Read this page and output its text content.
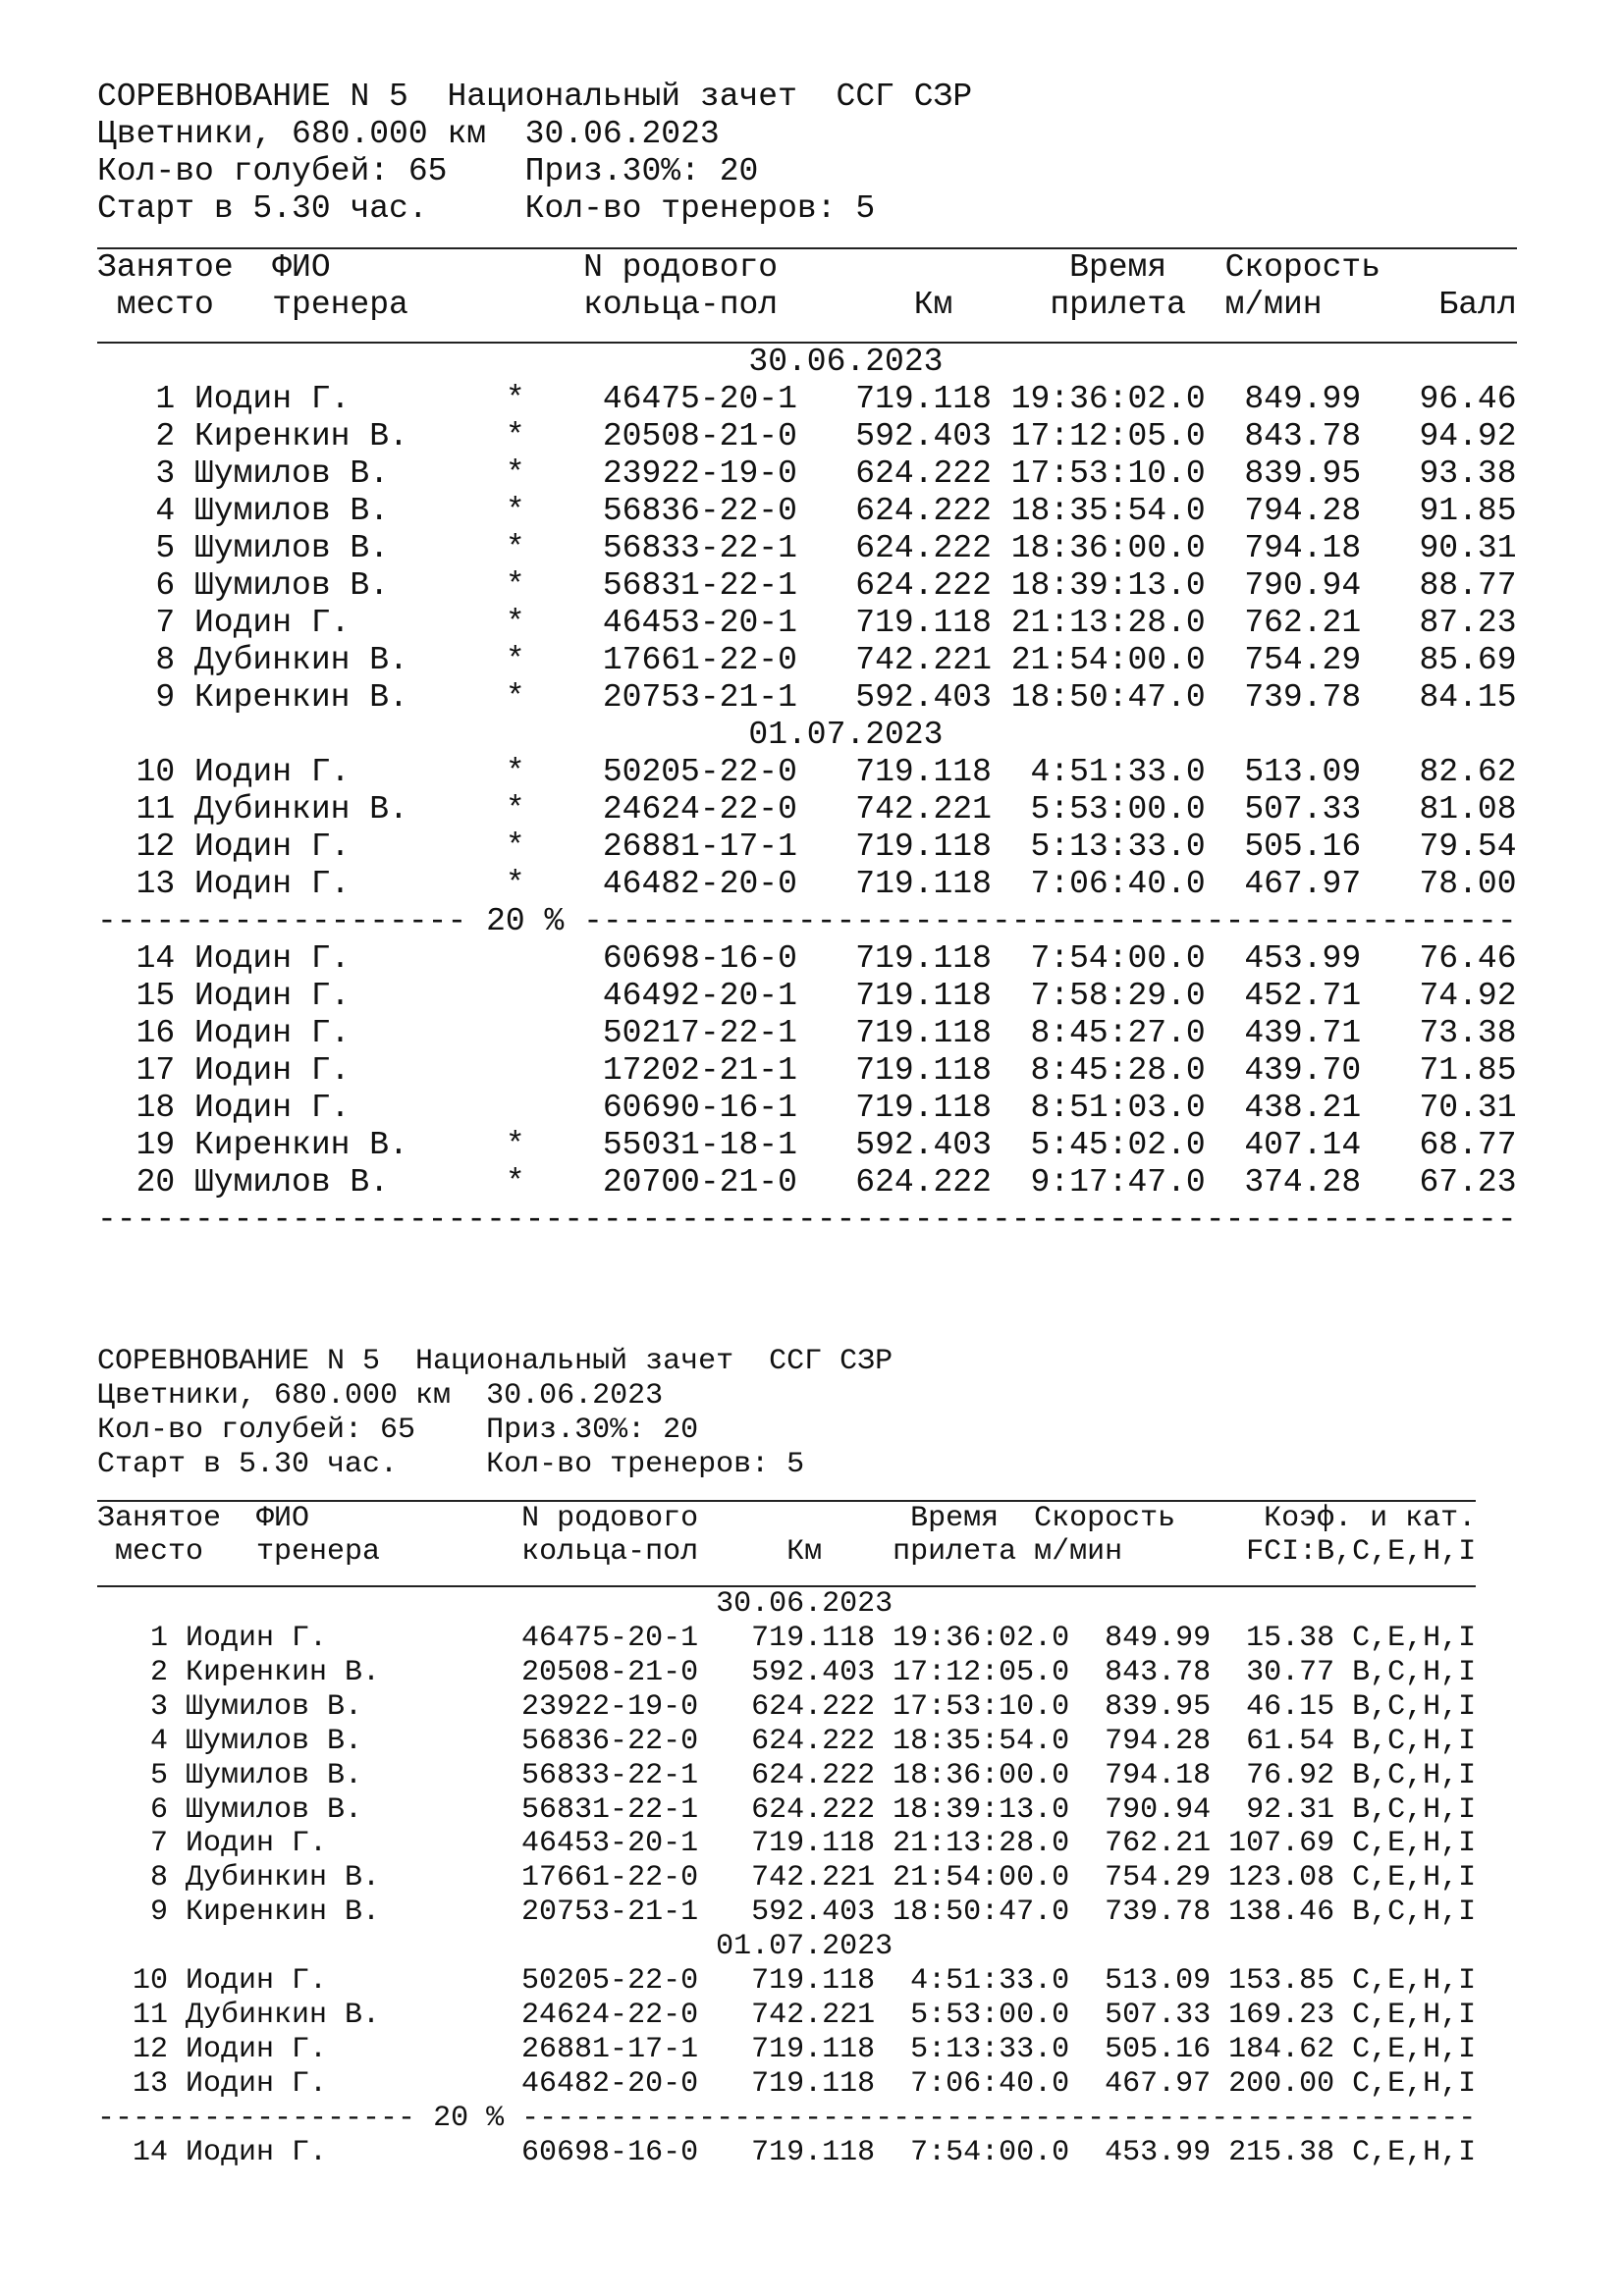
СОРЕВНОВАНИЕ N 5  Национальный зачет  ССГ СЗР
Цветники, 680.000 км  30.06.2023
Кол-во голубей: 65    Приз.30%: 20
Старт в 5.30 час.     Кол-во тренеров: 5
Занятое	ФИО	N родового	Время	Скорость
место	тренера	кольца-пол	Км	прилета	м/мин	Балл
30.06.2023
1 Иодин Г.	* 46475-20-1 719.118 19:36:02.0 849.99	96.46
2 Киренкин В.	* 20508-21-0 592.403 17:12:05.0 843.78	94.92
3 Шумилов В.	* 23922-19-0 624.222 17:53:10.0 839.95	93.38
4 Шумилов В.	* 56836-22-0 624.222 18:35:54.0 794.28	91.85
5 Шумилов В.	* 56833-22-1 624.222 18:36:00.0 794.18	90.31
6 Шумилов В.	* 56831-22-1 624.222 18:39:13.0 790.94	88.77
7 Иодин Г.	* 46453-20-1 719.118 21:13:28.0 762.21	87.23
8 Дубинкин В.	* 17661-22-0 742.221 21:54:00.0 754.29	85.69
9 Киренкин В.	* 20753-21-1 592.403 18:50:47.0 739.78	84.15
01.07.2023
10 Иодин Г.	* 50205-22-0 719.118	4:51:33.0 513.09	82.62
11 Дубинкин В.	* 24624-22-0 742.221	5:53:00.0 507.33	81.08
12 Иодин Г.	* 26881-17-1 719.118	5:13:33.0 505.16	79.54
13 Иодин Г.	* 46482-20-0 719.118	7:06:40.0 467.97	78.00
------------------- 20 % ------------------------------------------------
14 Иодин Г.	60698-16-0 719.118	7:54:00.0 453.99	76.46
15 Иодин Г.	46492-20-1 719.118	7:58:29.0 452.71	74.92
16 Иодин Г.	50217-22-1 719.118	8:45:27.0 439.71	73.38
17 Иодин Г.	17202-21-1 719.118	8:45:28.0 439.70	71.85
18 Иодин Г.	60690-16-1 719.118	8:51:03.0 438.21	70.31
19 Киренкин В.	* 55031-18-1 592.403	5:45:02.0 407.14	68.77
20 Шумилов В.	* 20700-21-0 624.222	9:17:47.0 374.28	67.23
-------------------------------------------------------------------------
СОРЕВНОВАНИЕ N 5  Национальный зачет  ССГ СЗР
Цветники, 680.000 км  30.06.2023
Кол-во голубей: 65    Приз.30%: 20
Старт в 5.30 час.     Кол-во тренеров: 5
Занятое	ФИО	N родового	Время	Скорость	Коэф. и кат.
место	тренера	кольца-пол	Км	прилета м/мин	FCI:B,C,E,H,I
30.06.2023
1 Иодин Г.	46475-20-1 719.118 19:36:02.0 849.99	15.38 C,E,H,I
2 Киренкин В.	20508-21-0 592.403 17:12:05.0 843.78	30.77 B,C,H,I
3 Шумилов В.	23922-19-0 624.222 17:53:10.0 839.95	46.15 B,C,H,I
4 Шумилов В.	56836-22-0 624.222 18:35:54.0 794.28	61.54 B,C,H,I
5 Шумилов В.	56833-22-1 624.222 18:36:00.0 794.18	76.92 B,C,H,I
6 Шумилов В.	56831-22-1 624.222 18:39:13.0 790.94	92.31 B,C,H,I
7 Иодин Г.	46453-20-1 719.118 21:13:28.0 762.21 107.69 C,E,H,I
8 Дубинкин В.	17661-22-0 742.221 21:54:00.0 754.29 123.08 C,E,H,I
9 Киренкин В.	20753-21-1 592.403 18:50:47.0 739.78 138.46 B,C,H,I
01.07.2023
10 Иодин Г.	50205-22-0 719.118	4:51:33.0 513.09 153.85 C,E,H,I
11 Дубинкин В.	24624-22-0 742.221	5:53:00.0 507.33 169.23 C,E,H,I
12 Иодин Г.	26881-17-1 719.118	5:13:33.0 505.16 184.62 C,E,H,I
13 Иодин Г.	46482-20-0 719.118	7:06:40.0 467.97 200.00 C,E,H,I
------------------ 20 % ------------------------------------------------------
14 Иодин Г.	60698-16-0 719.118	7:54:00.0 453.99 215.38 C,E,H,I
